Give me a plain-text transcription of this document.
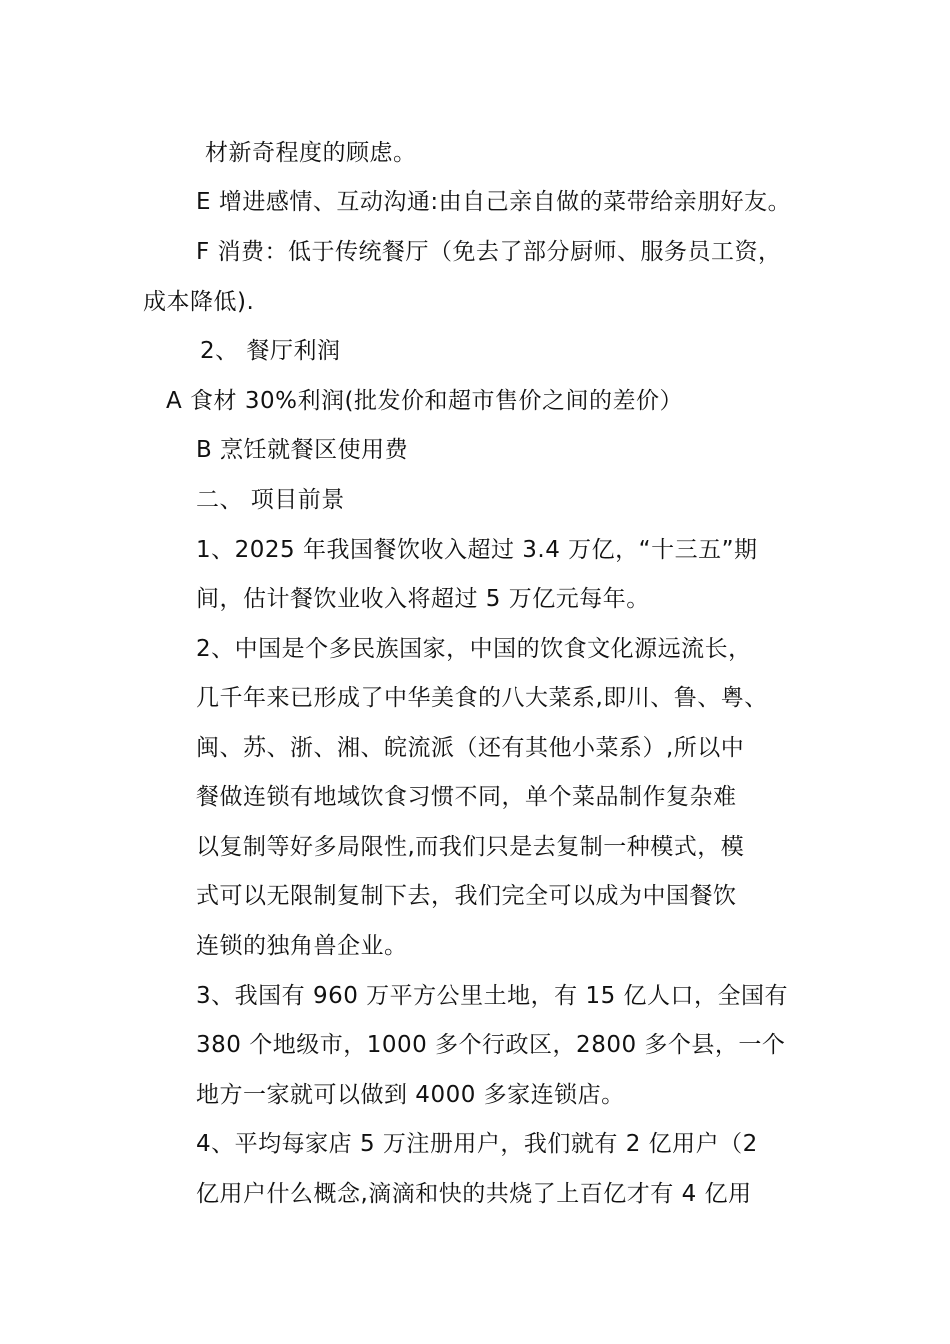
材新奇程度的顾虑。
E 增进感情、互动沟通:由自己亲自做的菜带给亲朋好友。
F 消费：低于传统餐厅（免去了部分厨师、服务员工资，
成本降低).
2、 餐厅利润
A 食材 30%利润(批发价和超市售价之间的差价）
B 烹饪就餐区使用费
二、 项目前景
1、2025 年我国餐饮收入超过 3.4 万亿，“十三五”期
间，估计餐饮业收入将超过 5 万亿元每年。
2、中国是个多民族国家，中国的饮食文化源远流长，
几千年来已形成了中华美食的八大菜系,即川、鲁、粤、
闽、苏、浙、湘、皖流派（还有其他小菜系）,所以中
餐做连锁有地域饮食习惯不同，单个菜品制作复杂难
以复制等好多局限性,而我们只是去复制一种模式，模
式可以无限制复制下去，我们完全可以成为中国餐饮
连锁的独角兽企业。
3、我国有 960 万平方公里土地，有 15 亿人口，全国有
380 个地级市，1000 多个行政区，2800 多个县，一个
地方一家就可以做到 4000 多家连锁店。
4、平均每家店 5 万注册用户，我们就有 2 亿用户（2
亿用户什么概念,滴滴和快的共烧了上百亿才有 4 亿用
